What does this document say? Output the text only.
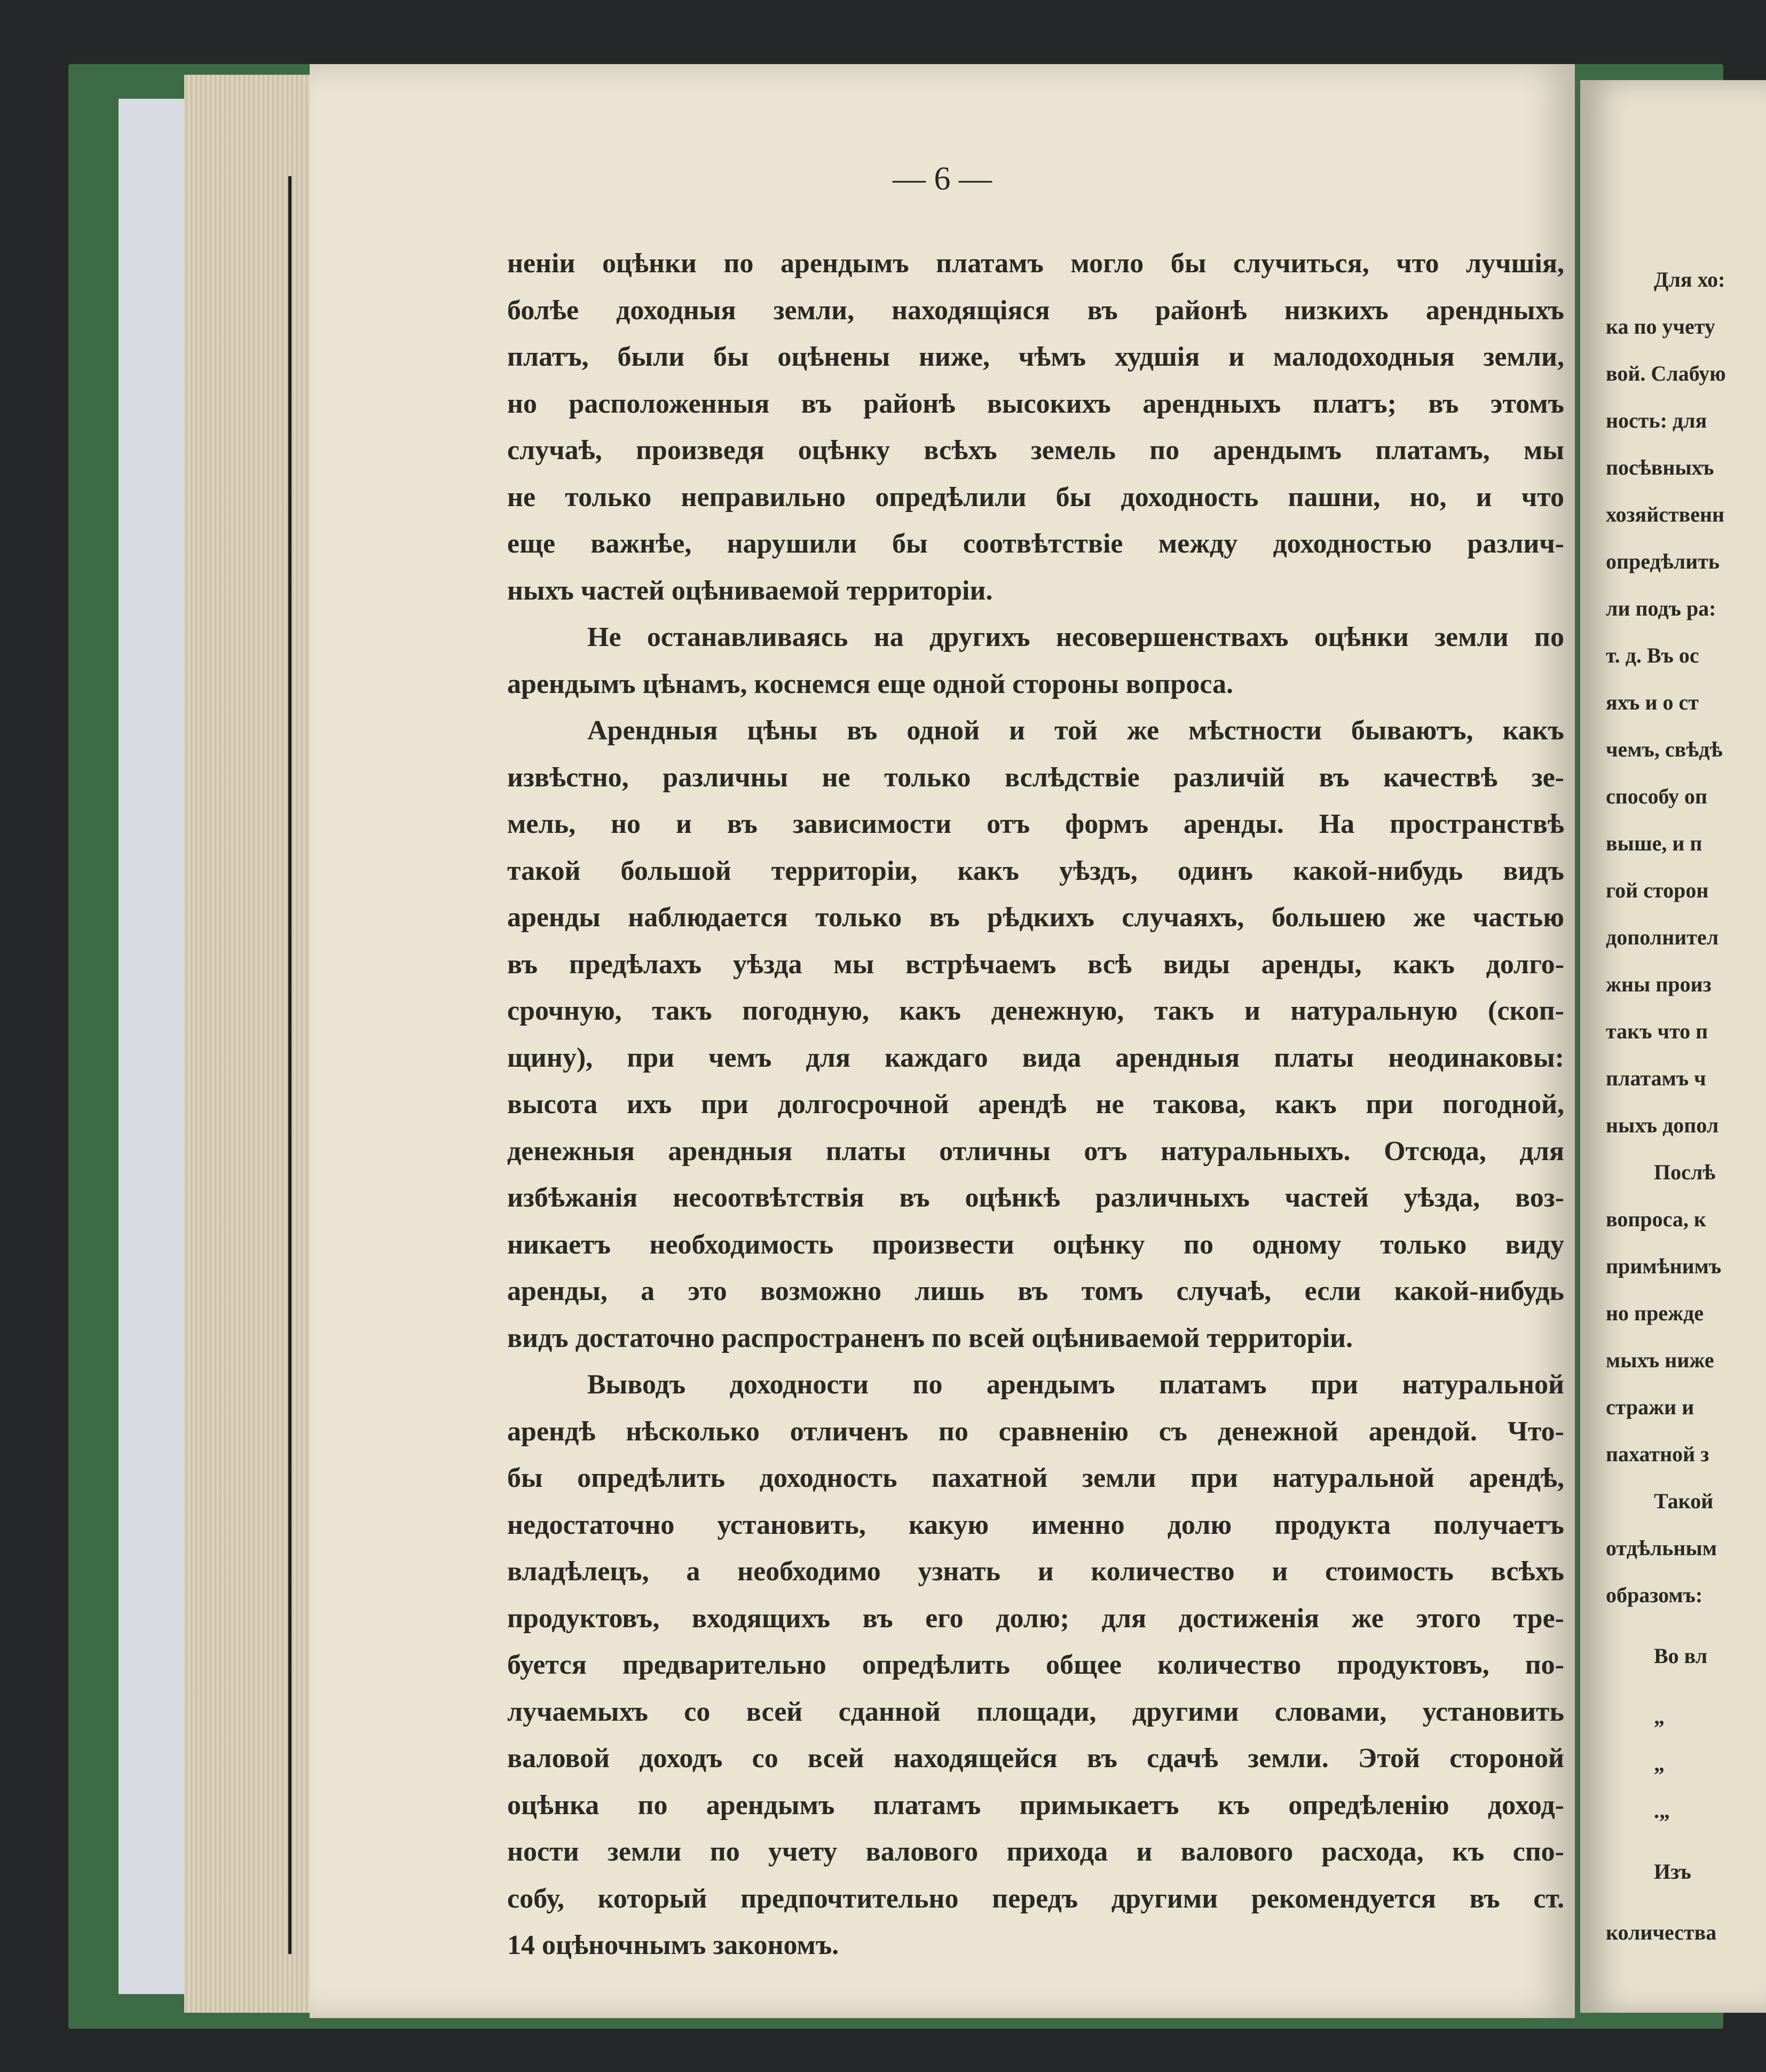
— 6 —
ненiи оцѣнки по арендымъ платамъ могло бы случиться, что лучшiя,
болѣе доходныя земли, находящiяся въ районѣ низкихъ арендныхъ
платъ, были бы оцѣнены ниже, чѣмъ худшiя и малодоходныя земли,
но расположенныя въ районѣ высокихъ арендныхъ платъ; въ этомъ
случаѣ, произведя оцѣнку всѣхъ земель по арендымъ платамъ, мы
не только неправильно опредѣлили бы доходность пашни, но, и что
еще важнѣе, нарушили бы соотвѣтствiе между доходностью различ-
ныхъ частей оцѣниваемой территорiи.
Не останавливаясь на другихъ несовершенствахъ оцѣнки земли по
арендымъ цѣнамъ, коснемся еще одной стороны вопроса.
Арендныя цѣны въ одной и той же мѣстности бываютъ, какъ
извѣстно, различны не только вслѣдствiе различiй въ качествѣ зе-
мель, но и въ зависимости отъ формъ аренды. На пространствѣ
такой большой территорiи, какъ уѣздъ, одинъ какой-нибудь видъ
аренды наблюдается только въ рѣдкихъ случаяхъ, большею же частью
въ предѣлахъ уѣзда мы встрѣчаемъ всѣ виды аренды, какъ долго-
срочную, такъ погодную, какъ денежную, такъ и натуральную (скоп-
щину), при чемъ для каждаго вида арендныя платы неодинаковы:
высота ихъ при долгосрочной арендѣ не такова, какъ при погодной,
денежныя арендныя платы отличны отъ натуральныхъ. Отсюда, для
избѣжанiя несоотвѣтствiя въ оцѣнкѣ различныхъ частей уѣзда, воз-
никаетъ необходимость произвести оцѣнку по одному только виду
аренды, а это возможно лишь въ томъ случаѣ, если какой-нибудь
видъ достаточно распространенъ по всей оцѣниваемой территорiи.
Выводъ доходности по арендымъ платамъ при натуральной
арендѣ нѣсколько отличенъ по сравненiю съ денежной арендой. Что-
бы опредѣлить доходность пахатной земли при натуральной арендѣ,
недостаточно установить, какую именно долю продукта получаетъ
владѣлецъ, а необходимо узнать и количество и стоимость всѣхъ
продуктовъ, входящихъ въ его долю; для достиженiя же этого тре-
буется предварительно опредѣлить общее количество продуктовъ, по-
лучаемыхъ со всей сданной площади, другими словами, установить
валовой доходъ со всей находящейся въ сдачѣ земли. Этой стороной
оцѣнка по арендымъ платамъ примыкаетъ къ опредѣленiю доход-
ности земли по учету валового прихода и валового расхода, къ спо-
собу, который предпочтительно передъ другими рекомендуется въ ст.
14 оцѣночнымъ закономъ.
Для хо:
ка по учету
вой. Слабую
ность: для
посѣвныхъ
хозяйственн
опредѣлить
ли подъ ра:
т. д. Въ ос
яхъ и о ст
чемъ, свѣдѣ
способу оп
выше, и п
гой сторон
дополнител
жны произ
такъ что п
платамъ ч
ныхъ допол
Послѣ
вопроса, к
примѣнимъ
но прежде
мыхъ ниже
стражи и
пахатной з
Такой
отдѣльным
образомъ:
Во вл
„
„
.„
Изъ
количества
